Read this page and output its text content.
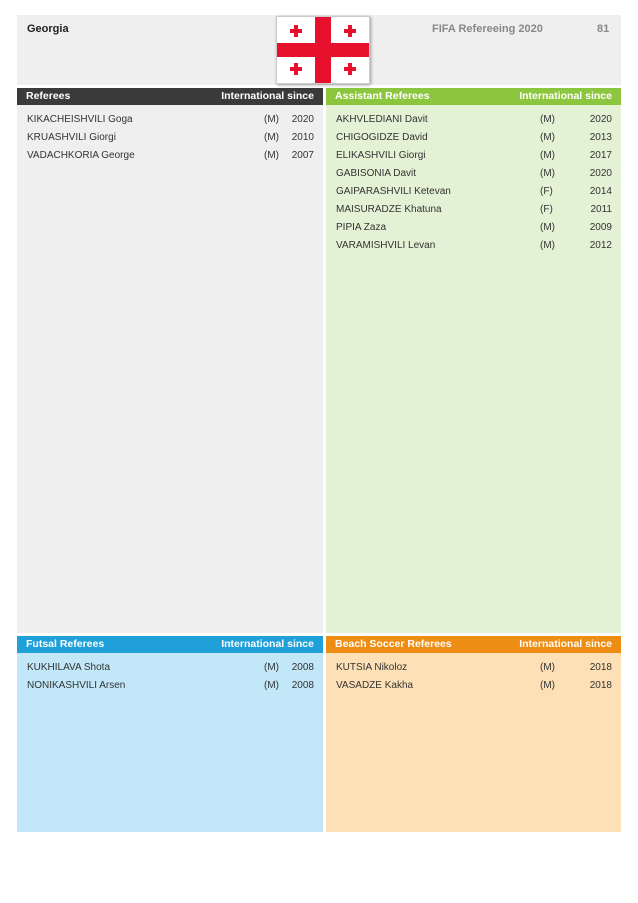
Georgia	FIFA Refereeing 2020	81
Referees	International since
KIKACHEISHVILI Goga	(M) 2020
KRUASHVILI Giorgi	(M) 2010
VADACHKORIA George	(M) 2007
Assistant Referees	International since
AKHVLEDIANI Davit	(M)	2020
CHIGOGIDZE David	(M)	2013
ELIKASHVILI Giorgi	(M)	2017
GABISONIA Davit	(M)	2020
GAIPARASHVILI Ketevan	(F)	2014
MAISURADZE Khatuna	(F)	2011
PIPIA Zaza	(M)	2009
VARAMISHVILI Levan	(M)	2012
Futsal Referees	International since
KUKHILAVA Shota	(M) 2008
NONIKASHVILI Arsen	(M) 2008
Beach Soccer Referees	International since
KUTSIA Nikoloz	(M)	2018
VASADZE Kakha	(M)	2018
